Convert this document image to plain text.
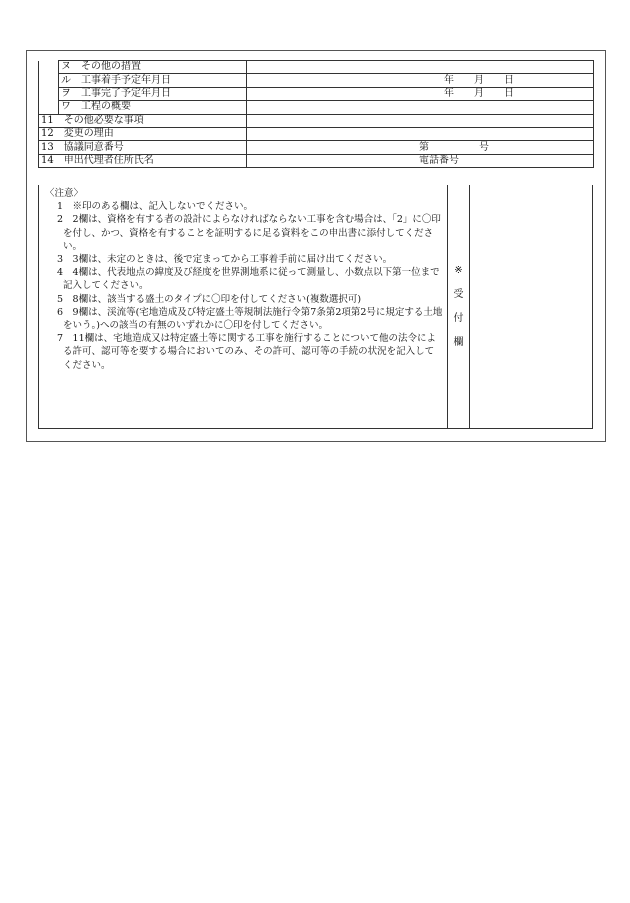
	ヌ　その他の措置	
	ル　工事着手予定年月日	年　　月　　日
	ヲ　工事完了予定年月日	年　　月　　日
	ワ　工程の概要	
11　その他必要な事項		
12　変更の理由		
13　協議同意番号		第　　　　　号
14　申出代理者住所氏名		電話番号

〈注意〉

1　※印のある欄は、記入しないでください。

2　2欄は、資格を有する者の設計によらなければならない工事を含む場合は、「2」に〇印を付し、かつ、資格を有することを証明するに足る資料をこの申出書に添付してください。

3　3欄は、未定のときは、後で定まってから工事着手前に届け出てください。

4　4欄は、代表地点の緯度及び経度を世界測地系に従って測量し、小数点以下第一位まで記入してください。

5　8欄は、該当する盛土のタイプに〇印を付してください(複数選択可)

6　9欄は、渓流等(宅地造成及び特定盛土等規制法施行令第7条第2項第2号に規定する土地をいう。)への該当の有無のいずれかに〇印を付してください。

7　11欄は、宅地造成又は特定盛土等に関する工事を施行することについて他の法令による許可、認可等を要する場合においてのみ、その許可、認可等の手続の状況を記入してください。

※
受
付
欄
